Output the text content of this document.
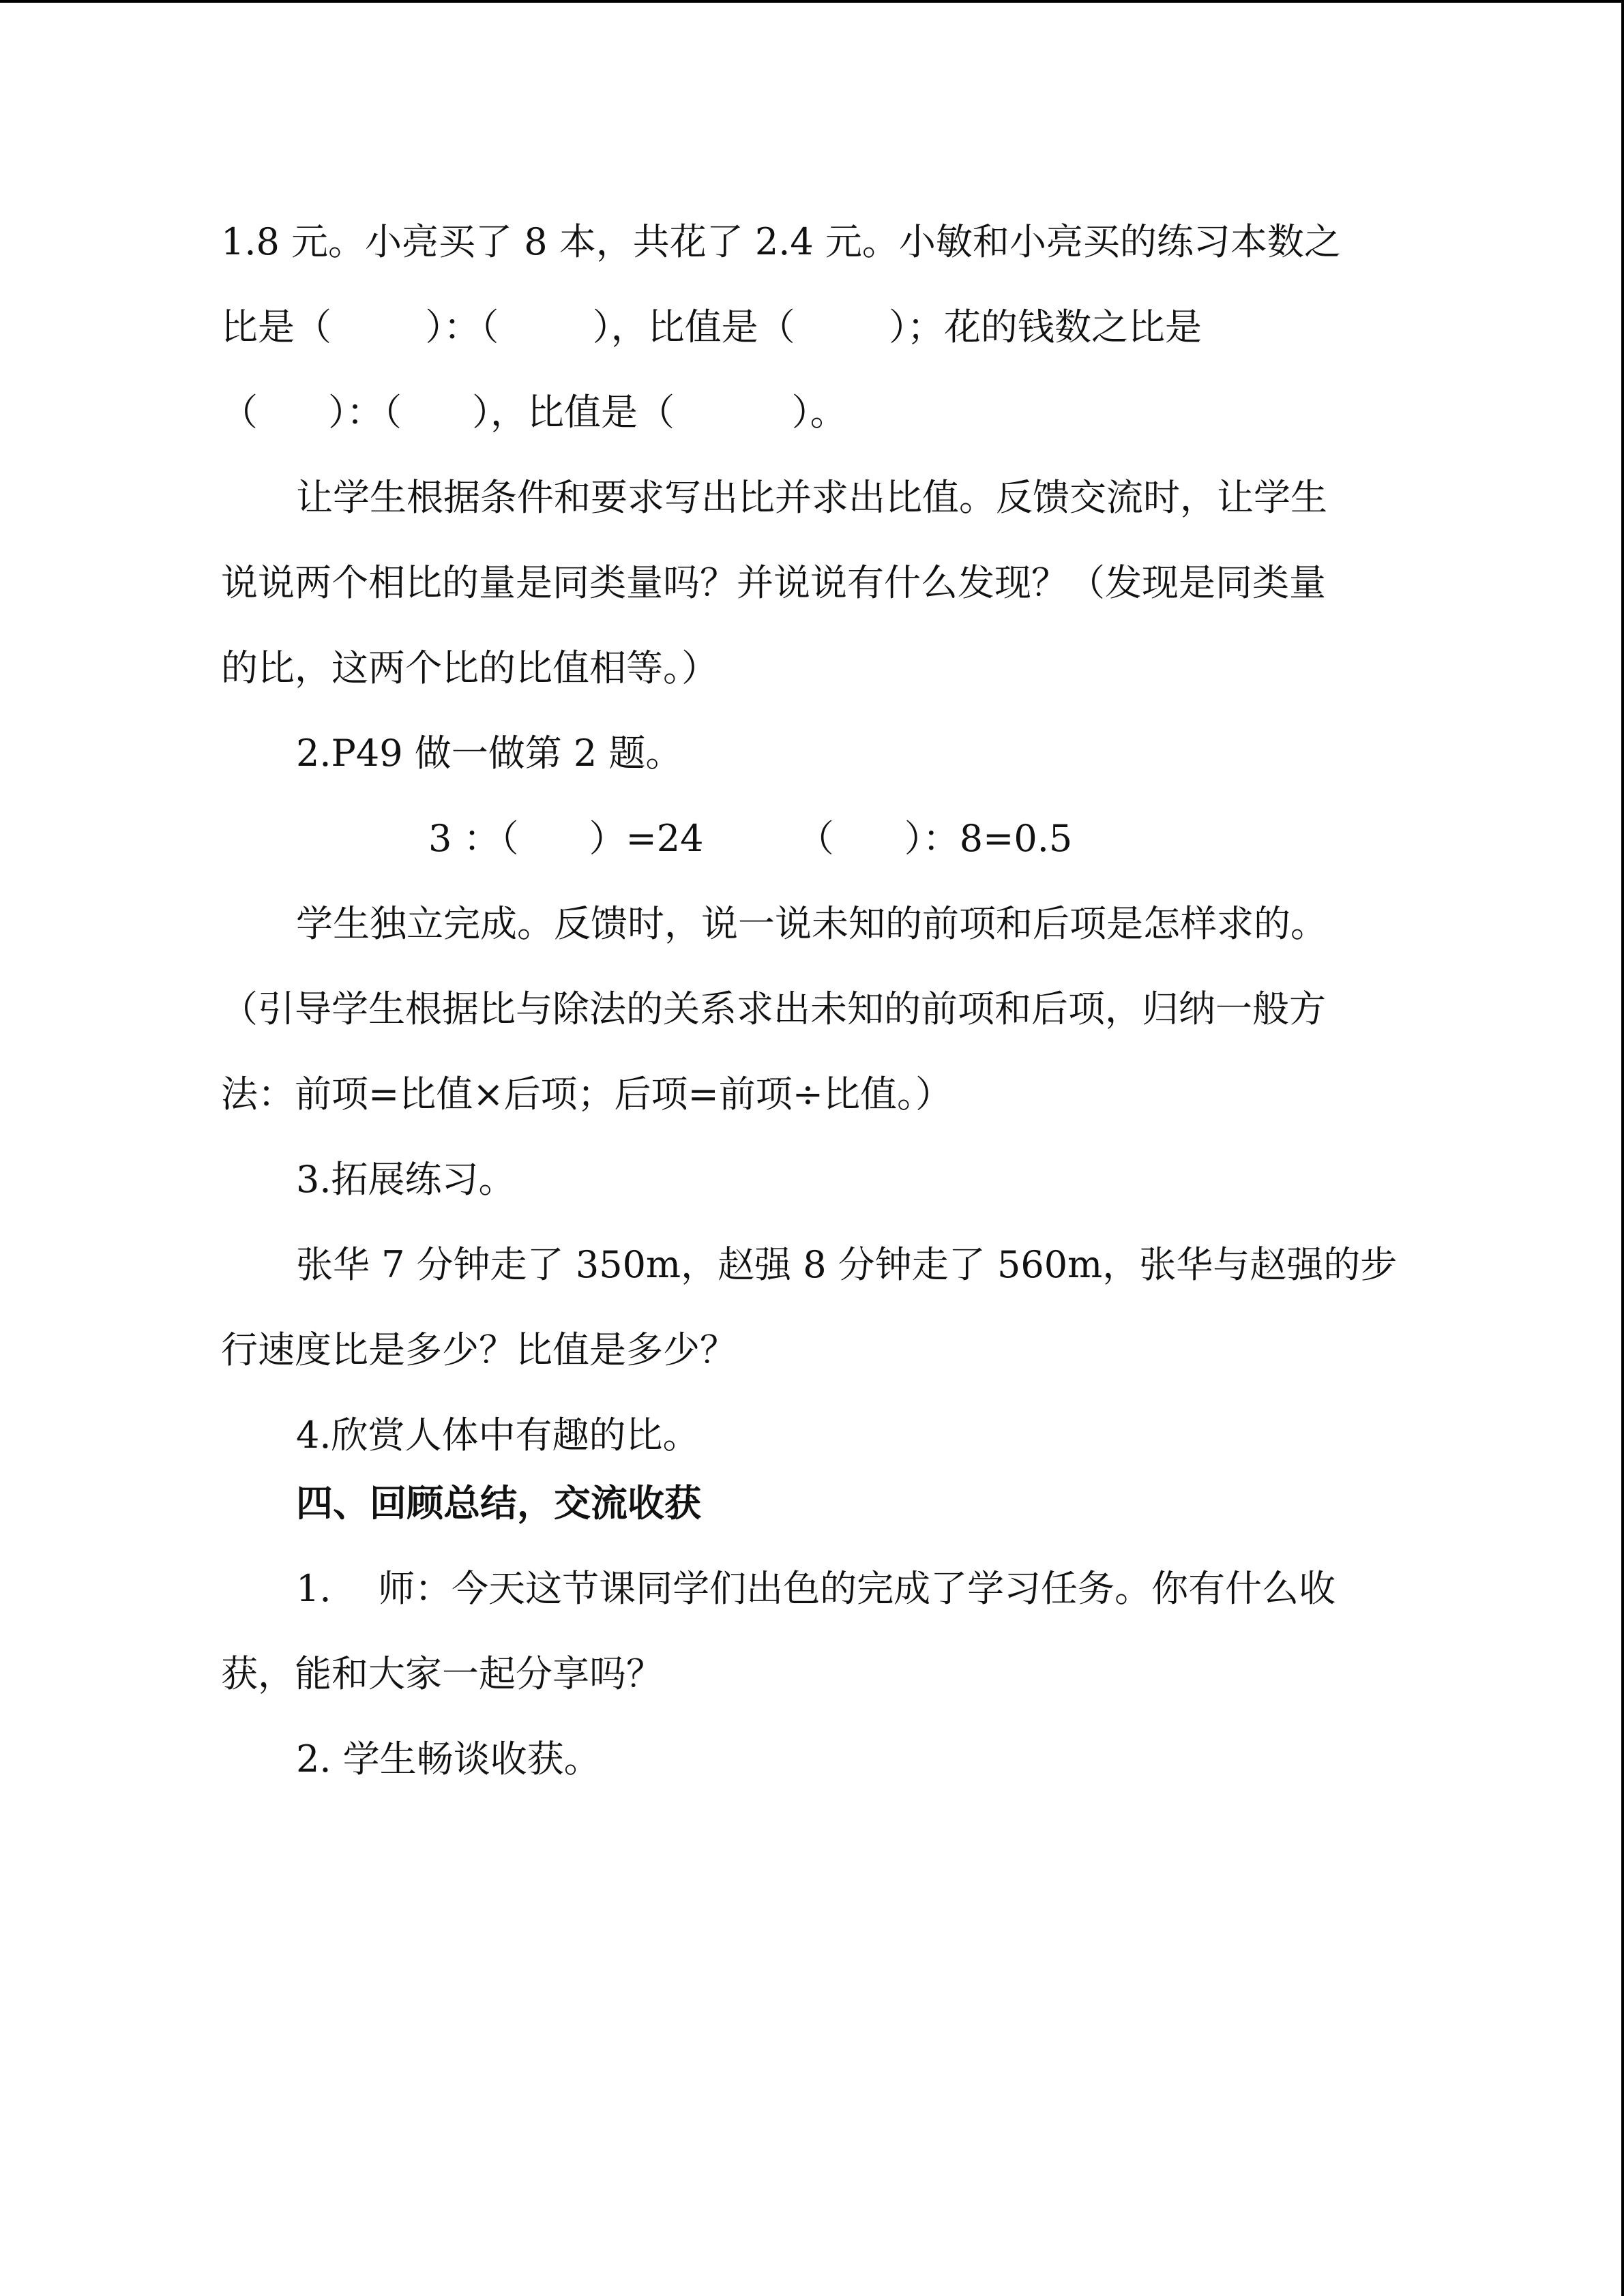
1.8 元。小亮买了 8 本，共花了 2.4 元。小敏和小亮买的练习本数之
比是（        ）：（        ），比值是（        ）；花的钱数之比是
（      ）：（      ），比值是（          ）。
让学生根据条件和要求写出比并求出比值。反馈交流时，让学生
说说两个相比的量是同类量吗？并说说有什么发现？（发现是同类量
的比，这两个比的比值相等。）
2.P49 做一做第 2 题。
3 ：（      ）=24        （      ）：8=0.5
学生独立完成。反馈时，说一说未知的前项和后项是怎样求的。
（引导学生根据比与除法的关系求出未知的前项和后项，归纳一般方
法：前项=比值×后项；后项=前项÷比值。）
3.拓展练习。
张华 7 分钟走了 350m，赵强 8 分钟走了 560m，张华与赵强的步
行速度比是多少？比值是多少？
4.欣赏人体中有趣的比。
四、回顾总结，交流收获
1.    师：今天这节课同学们出色的完成了学习任务。你有什么收
获，能和大家一起分享吗？
2. 学生畅谈收获。
